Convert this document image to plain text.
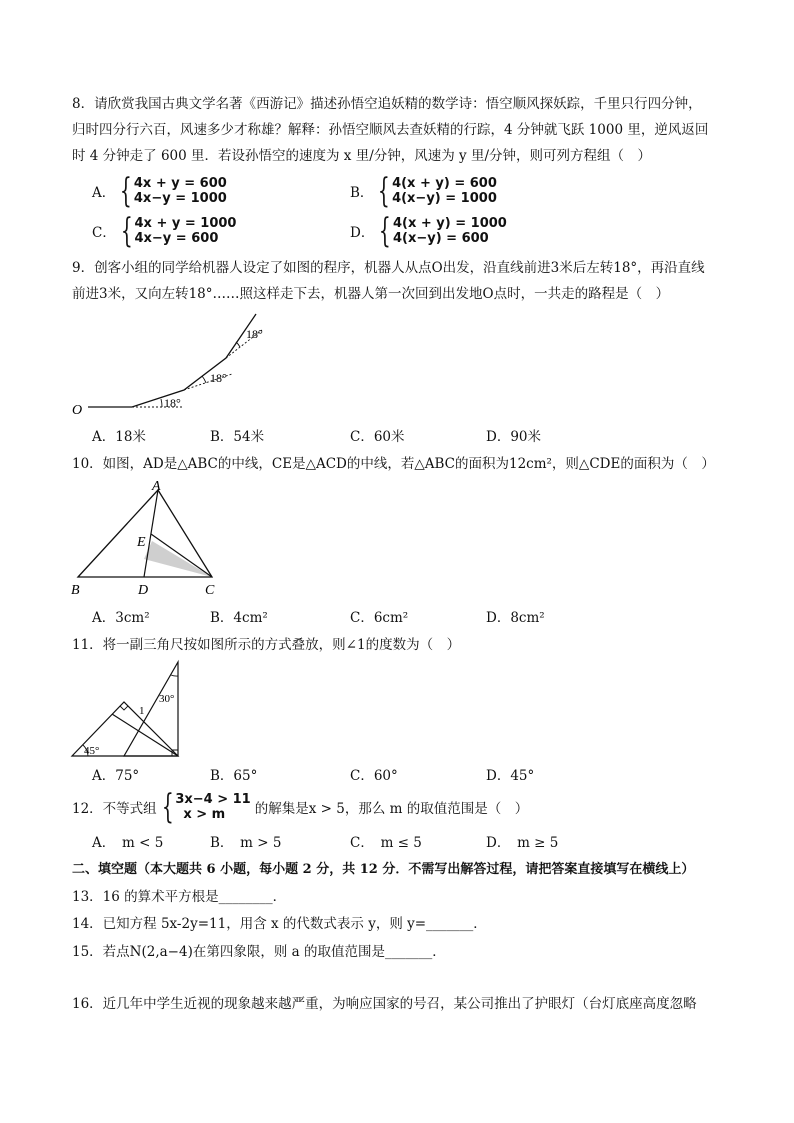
8．请欣赏我国古典文学名著《西游记》描述孙悟空追妖精的数学诗：悟空顺风探妖踪，千里只行四分钟，
归时四分行六百，风速多少才称雄？解释：孙悟空顺风去查妖精的行踪，4 分钟就飞跃 1000 里，逆风返回
时 4 分钟走了 600 里．若设孙悟空的速度为 x 里/分钟，风速为 y 里/分钟，则可列方程组（　）
A． { 4x + y = 600
4x−y = 1000	B． { 4(x + y) = 600
4(x−y) = 1000
C． { 4x + y = 1000
4x−y = 600	D． { 4(x + y) = 1000
4(x−y) = 600
9．创客小组的同学给机器人设定了如图的程序，机器人从点O出发，沿直线前进3米后左转18°，再沿直线
前进3米，又向左转18°……照这样走下去，机器人第一次回到出发地O点时，一共走的路程是（　）
O	18°
18°
18°
A．18米	B．54米	C．60米	D．90米
10．如图，AD是△ABC的中线，CE是△ACD的中线，若△ABC的面积为12cm²，则△CDE的面积为（　）
A
B	C
D
E
A．3cm²	B．4cm²	C．6cm²	D．8cm²
11．将一副三角尺按如图所示的方式叠放，则∠1的度数为（　）
45°
30°
1
A．75°	B．65°	C．60°	D．45°
12．不等式组 { 3x−4 > 11
x > m	的解集是x > 5，那么 m 的取值范围是（　）
A．　m < 5	B．　m > 5	C．　m ≤ 5	D．　m ≥ 5
二、填空题（本大题共 6 小题，每小题 2 分，共 12 分．不需写出解答过程，请把答案直接填写在横线上）
13．16 的算术平方根是________．
14．已知方程 5x-2y=11，用含 x 的代数式表示 y，则 y=_______．
15．若点N(2,a−4)在第四象限，则 a 的取值范围是_______．
16．近几年中学生近视的现象越来越严重，为响应国家的号召，某公司推出了护眼灯（台灯底座高度忽略
